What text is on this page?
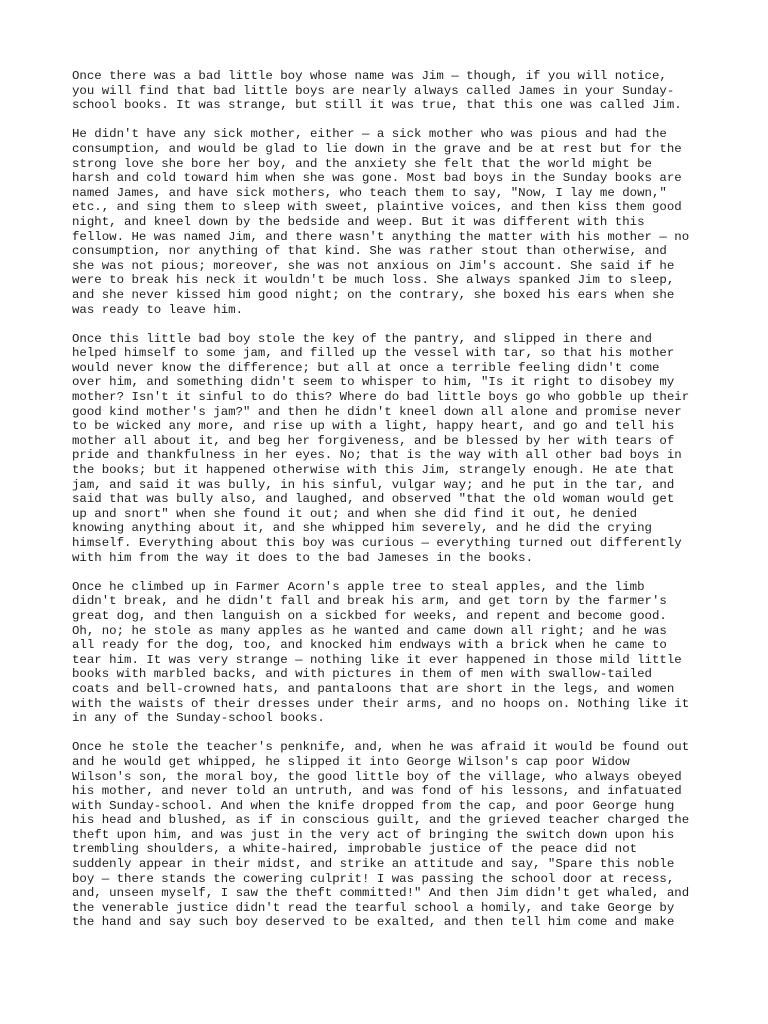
Once there was a bad little boy whose name was Jim — though, if you will notice,
you will find that bad little boys are nearly always called James in your Sunday-
school books. It was strange, but still it was true, that this one was called Jim.

He didn't have any sick mother, either — a sick mother who was pious and had the
consumption, and would be glad to lie down in the grave and be at rest but for the
strong love she bore her boy, and the anxiety she felt that the world might be
harsh and cold toward him when she was gone. Most bad boys in the Sunday books are
named James, and have sick mothers, who teach them to say, "Now, I lay me down,"
etc., and sing them to sleep with sweet, plaintive voices, and then kiss them good
night, and kneel down by the bedside and weep. But it was different with this
fellow. He was named Jim, and there wasn't anything the matter with his mother — no
consumption, nor anything of that kind. She was rather stout than otherwise, and
she was not pious; moreover, she was not anxious on Jim's account. She said if he
were to break his neck it wouldn't be much loss. She always spanked Jim to sleep,
and she never kissed him good night; on the contrary, she boxed his ears when she
was ready to leave him.

Once this little bad boy stole the key of the pantry, and slipped in there and
helped himself to some jam, and filled up the vessel with tar, so that his mother
would never know the difference; but all at once a terrible feeling didn't come
over him, and something didn't seem to whisper to him, "Is it right to disobey my
mother? Isn't it sinful to do this? Where do bad little boys go who gobble up their
good kind mother's jam?" and then he didn't kneel down all alone and promise never
to be wicked any more, and rise up with a light, happy heart, and go and tell his
mother all about it, and beg her forgiveness, and be blessed by her with tears of
pride and thankfulness in her eyes. No; that is the way with all other bad boys in
the books; but it happened otherwise with this Jim, strangely enough. He ate that
jam, and said it was bully, in his sinful, vulgar way; and he put in the tar, and
said that was bully also, and laughed, and observed "that the old woman would get
up and snort" when she found it out; and when she did find it out, he denied
knowing anything about it, and she whipped him severely, and he did the crying
himself. Everything about this boy was curious — everything turned out differently
with him from the way it does to the bad Jameses in the books.

Once he climbed up in Farmer Acorn's apple tree to steal apples, and the limb
didn't break, and he didn't fall and break his arm, and get torn by the farmer's
great dog, and then languish on a sickbed for weeks, and repent and become good.
Oh, no; he stole as many apples as he wanted and came down all right; and he was
all ready for the dog, too, and knocked him endways with a brick when he came to
tear him. It was very strange — nothing like it ever happened in those mild little
books with marbled backs, and with pictures in them of men with swallow-tailed
coats and bell-crowned hats, and pantaloons that are short in the legs, and women
with the waists of their dresses under their arms, and no hoops on. Nothing like it
in any of the Sunday-school books.

Once he stole the teacher's penknife, and, when he was afraid it would be found out
and he would get whipped, he slipped it into George Wilson's cap poor Widow
Wilson's son, the moral boy, the good little boy of the village, who always obeyed
his mother, and never told an untruth, and was fond of his lessons, and infatuated
with Sunday-school. And when the knife dropped from the cap, and poor George hung
his head and blushed, as if in conscious guilt, and the grieved teacher charged the
theft upon him, and was just in the very act of bringing the switch down upon his
trembling shoulders, a white-haired, improbable justice of the peace did not
suddenly appear in their midst, and strike an attitude and say, "Spare this noble
boy — there stands the cowering culprit! I was passing the school door at recess,
and, unseen myself, I saw the theft committed!" And then Jim didn't get whaled, and
the venerable justice didn't read the tearful school a homily, and take George by
the hand and say such boy deserved to be exalted, and then tell him come and make
